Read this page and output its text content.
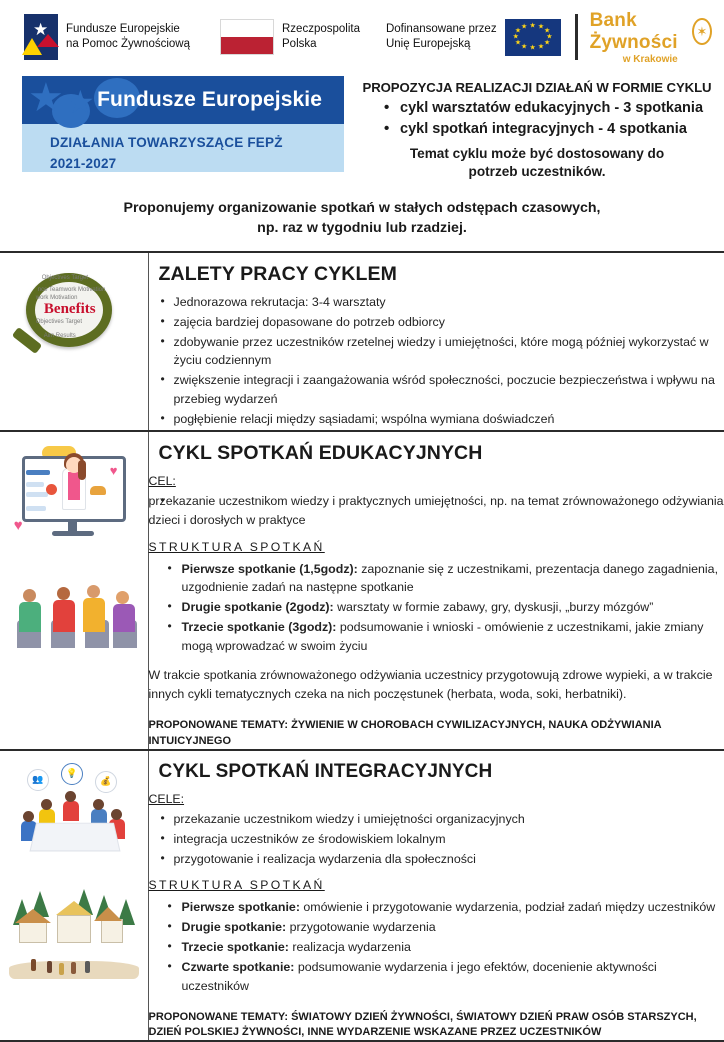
★ Fundusze Europejskie
na Pomoc Żywnościową
Rzeczpospolita
Polska
Dofinansowane przez
Unię Europejską
★ ★
★
★
★
★
★
★
★
★
★
★	Bank Żywności	✶
w Krakowie
★ ★ Fundusze Europejskie
DZIAŁANIA TOWARZYSZĄCE FEPŻ
2021-2027
PROPOZYCJA REALIZACJI DZIAŁAŃ W FORMIE CYKLU
• cykl warsztatów edukacyjnych - 3 spotkania
• cykl spotkań integracyjnych - 4 spotkania
Temat cyklu może być dostosowany do
potrzeb uczestników.
Proponujemy organizowanie spotkań w stałych odstępach czasowych,
np. raz w tygodniu lub rzadziej.
Objectives Target
nce Teamwork Motivation
work Motivation
Objectives Target
Aim Results
Benefits

ZALETY PRACY CYKLEM
• Jednorazowa rekrutacja: 3-4 warsztaty
• zajęcia bardziej dopasowane do potrzeb odbiorcy
• zdobywanie przez uczestników rzetelnej wiedzy i umiejętności, które mogą później wykorzystać w życiu codziennym
• zwiększenie integracji i zaangażowania wśród społeczności, poczucie bezpieczeństwa i wpływu na przebieg wydarzeń
• pogłębienie relacji między sąsiadami; wspólna wymiana doświadczeń

♥
♥

CYKL SPOTKAŃ EDUKACYJNYCH
CEL:
• przekazanie uczestnikom wiedzy i praktycznych umiejętności, np. na temat zrównoważonego odżywiania dzieci i dorosłych w praktyce
STRUKTURA SPOTKAŃ
• Pierwsze spotkanie (1,5godz): zapoznanie się z uczestnikami, prezentacja danego zagadnienia, uzgodnienie zadań na następne spotkanie
• Drugie spotkanie (2godz): warsztaty w formie zabawy, gry, dyskusji, „burzy mózgów”
• Trzecie spotkanie (3godz): podsumowanie i wnioski - omówienie z uczestnikami, jakie zmiany mogą wprowadzać w swoim życiu

W trakcie spotkania zrównoważonego odżywiania uczestnicy przygotowują zdrowe wypieki, a w trakcie innych cykli tematycznych czeka na nich poczęstunek (herbata, woda, soki, herbatniki).

PROPONOWANE TEMATY: ŻYWIENIE W CHOROBACH CYWILIZACYJNYCH, NAUKA ODŻYWIANIA INTUICYJNEGO

👥
💡
💰	CYKL SPOTKAŃ INTEGRACYJNYCH
CELE:
• przekazanie uczestnikom wiedzy i umiejętności organizacyjnych
• integracja uczestników ze środowiskiem lokalnym
• przygotowanie i realizacja wydarzenia dla społeczności
STRUKTURA SPOTKAŃ
• Pierwsze spotkanie: omówienie i przygotowanie wydarzenia, podział zadań między uczestników
• Drugie spotkanie: przygotowanie wydarzenia
• Trzecie spotkanie: realizacja wydarzenia
• Czwarte spotkanie: podsumowanie wydarzenia i jego efektów, docenienie aktywności uczestników
PROPONOWANE TEMATY: ŚWIATOWY DZIEŃ ŻYWNOŚCI, ŚWIATOWY DZIEŃ PRAW OSÓB STARSZYCH,
DZIEŃ POLSKIEJ ŻYWNOŚCI, INNE WYDARZENIE WSKAZANE PRZEZ UCZESTNIKÓW
